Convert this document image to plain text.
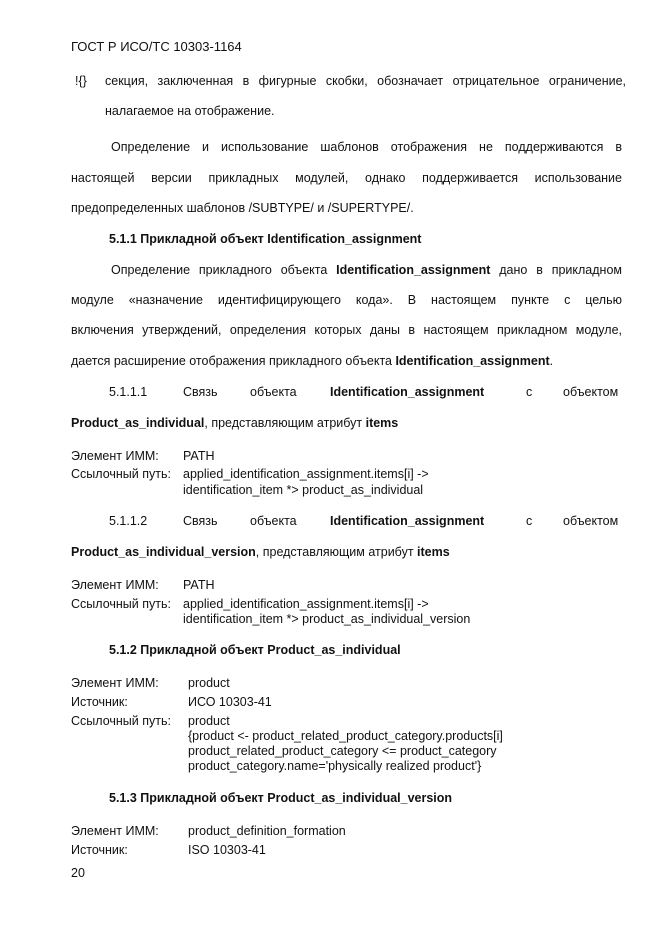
ГОСТ Р ИСО/ТС 10303-1164
!{} секция, заключенная в фигурные скобки, обозначает отрицательное ограничение,
налагаемое на отображение.
Определение и использование шаблонов отображения не поддерживаются в
настоящей версии прикладных модулей, однако поддерживается использование
предопределенных шаблонов /SUBTYPE/ и /SUPERTYPE/.
5.1.1 Прикладной объект Identification_assignment
Определение прикладного объекта Identification_assignment дано в прикладном
модуле «назначение идентифицирующего кода». В настоящем пункте с целью
включения утверждений, определения которых даны в настоящем прикладном модуле,
дается расширение отображения прикладного объекта Identification_assignment.
5.1.1.1	Связь	объекта	Identification_assignment	с объектом
Product_as_individual, представляющим атрибут items
Элемент ИММ: PATH
Ссылочный путь: applied_identification_assignment.items[i] ->
identification_item *> product_as_individual
5.1.1.2	Связь	объекта	Identification_assignment	с объектом
Product_as_individual_version, представляющим атрибут items
Элемент ИММ: PATH
Ссылочный путь: applied_identification_assignment.items[i] ->
identification_item *> product_as_individual_version
5.1.2 Прикладной объект Product_as_individual
Элемент ИММ: product
Источник:	ИСО 10303-41
Ссылочный путь: product
{product <- product_related_product_category.products[i]
product_related_product_category <= product_category
product_category.name='physically realized product'}
5.1.3 Прикладной объект Product_as_individual_version
Элемент ИММ: product_definition_formation
Источник:	ISO 10303-41
20
